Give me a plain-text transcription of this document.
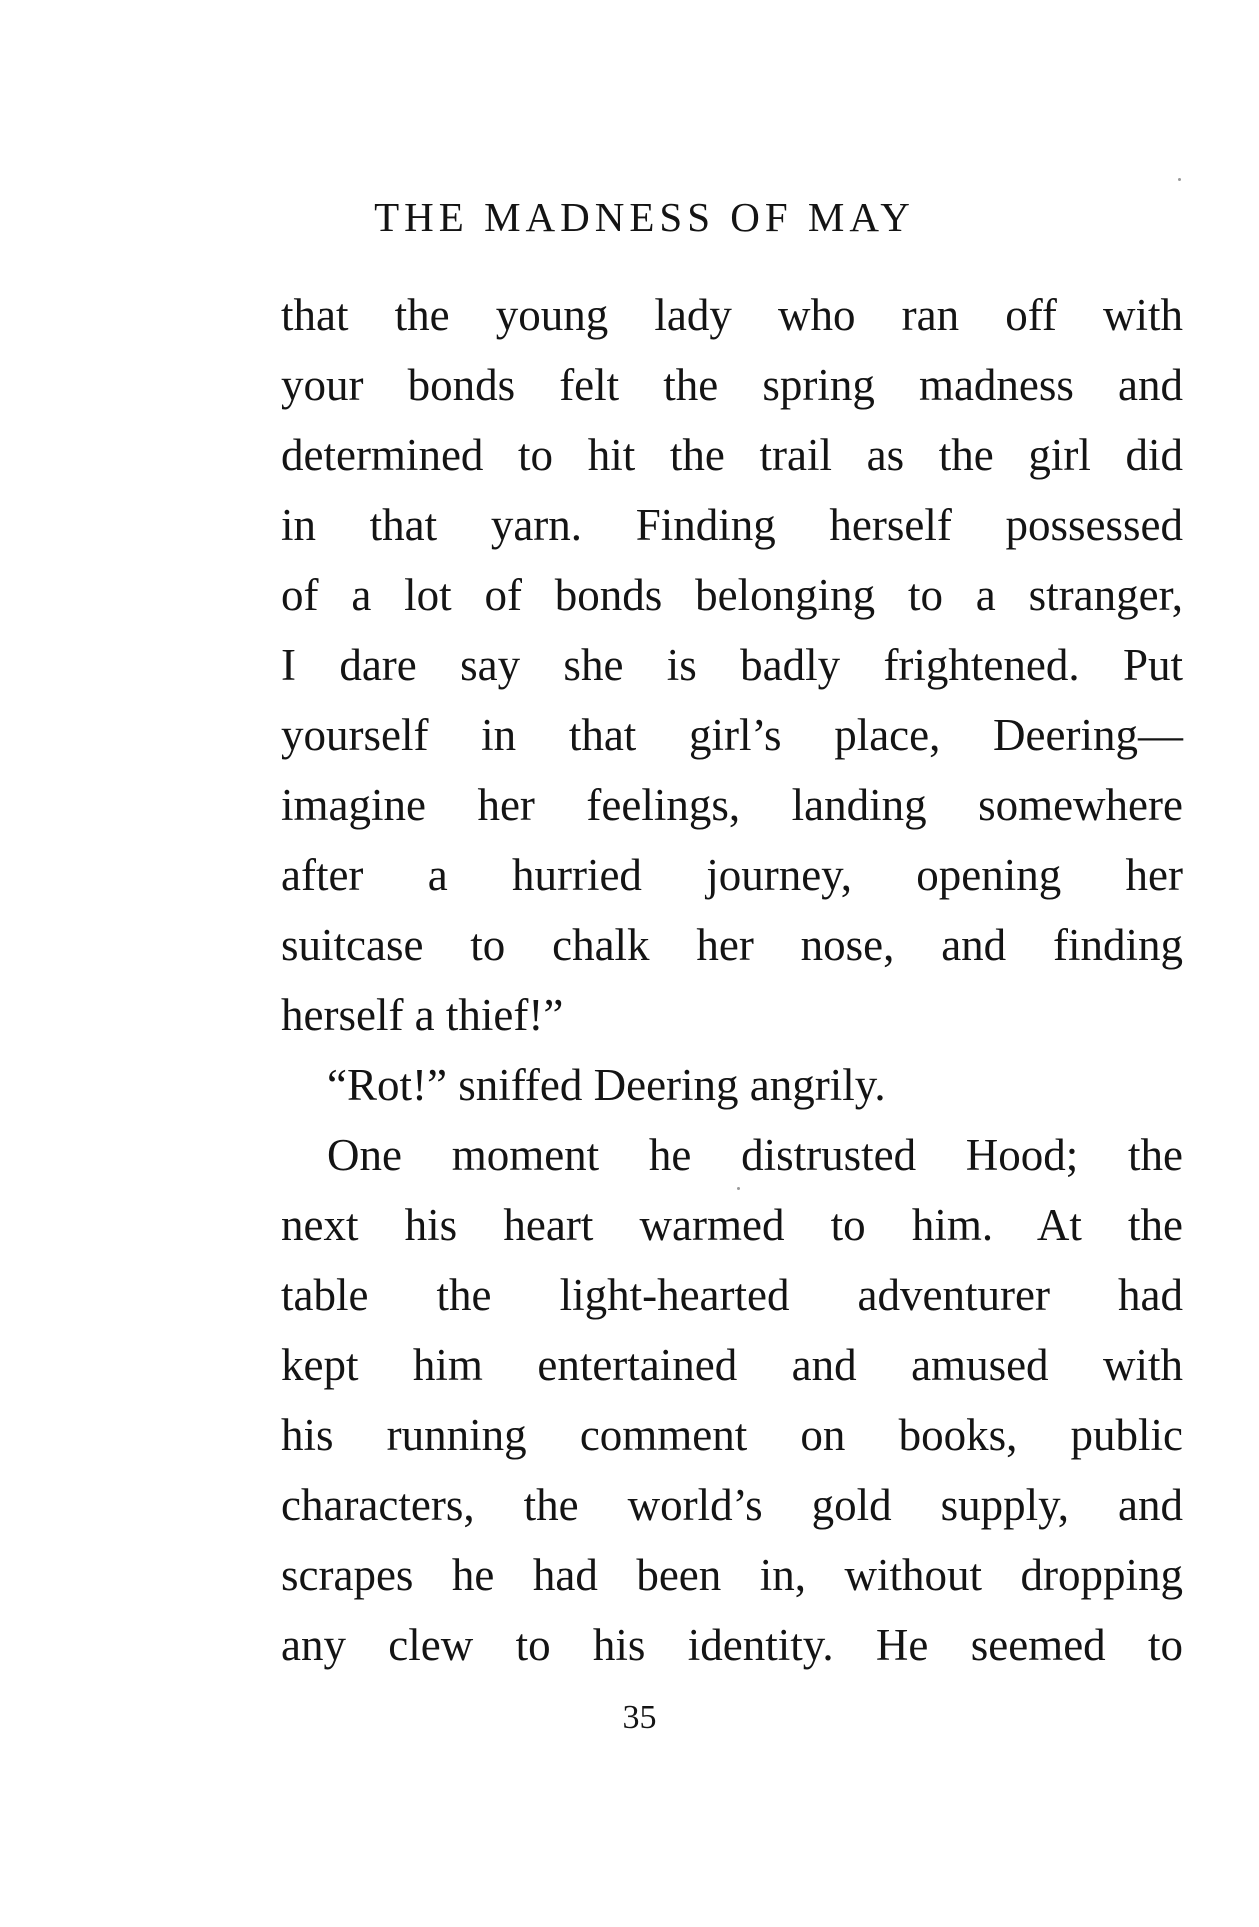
THE MADNESS OF MAY
that the young lady who ran off with
your bonds felt the spring madness and
determined to hit the trail as the girl did
in that yarn. Finding herself possessed
of a lot of bonds belonging to a stranger,
I dare say she is badly frightened. Put
yourself in that girl’s place, Deering—
imagine her feelings, landing somewhere
after a hurried journey, opening her
suitcase to chalk her nose, and finding
herself a thief!”
“Rot!” sniffed Deering angrily.
One moment he distrusted Hood; the
next his heart warmed to him. At the
table the light-hearted adventurer had
kept him entertained and amused with
his running comment on books, public
characters, the world’s gold supply, and
scrapes he had been in, without dropping
any clew to his identity. He seemed to
35
